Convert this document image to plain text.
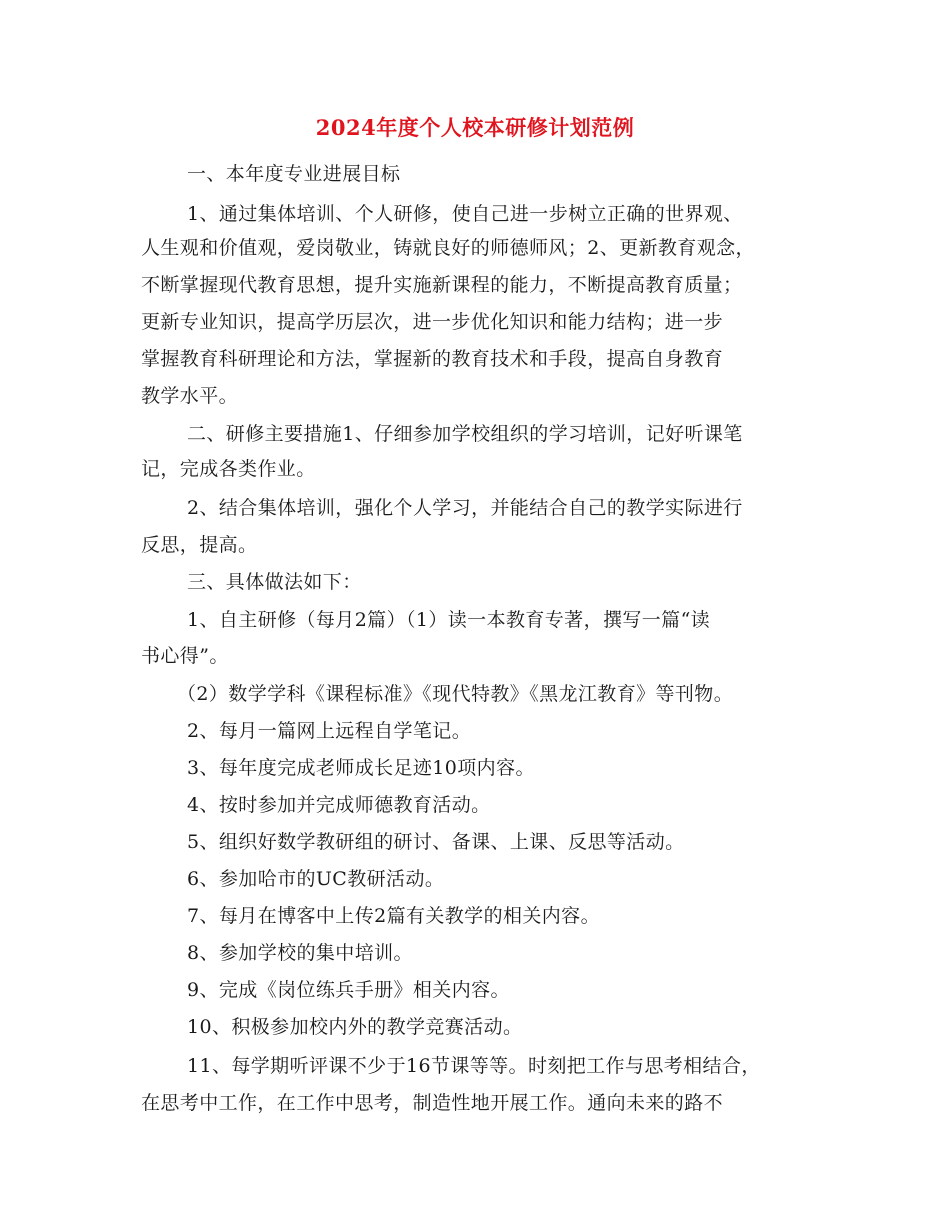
2024年度个人校本研修计划范例
一、本年度专业进展目标
1、通过集体培训、个人研修，使自己进一步树立正确的世界观、
人生观和价值观，爱岗敬业，铸就良好的师德师风；2、更新教育观念，
不断掌握现代教育思想，提升实施新课程的能力，不断提高教育质量；
更新专业知识，提高学历层次，进一步优化知识和能力结构；进一步
掌握教育科研理论和方法，掌握新的教育技术和手段，提高自身教育
教学水平。
二、研修主要措施1、仔细参加学校组织的学习培训，记好听课笔
记，完成各类作业。
2、结合集体培训，强化个人学习，并能结合自己的教学实际进行
反思，提高。
三、具体做法如下：
1、自主研修（每月2篇）（1）读一本教育专著，撰写一篇“读
书心得”。
（2）数学学科《课程标准》《现代特教》《黑龙江教育》等刊物。
2、每月一篇网上远程自学笔记。
3、每年度完成老师成长足迹10项内容。
4、按时参加并完成师德教育活动。
5、组织好数学教研组的研讨、备课、上课、反思等活动。
6、参加哈市的UC教研活动。
7、每月在博客中上传2篇有关教学的相关内容。
8、参加学校的集中培训。
9、完成《岗位练兵手册》相关内容。
10、积极参加校内外的教学竞赛活动。
11、每学期听评课不少于16节课等等。时刻把工作与思考相结合，
在思考中工作，在工作中思考，制造性地开展工作。通向未来的路不
